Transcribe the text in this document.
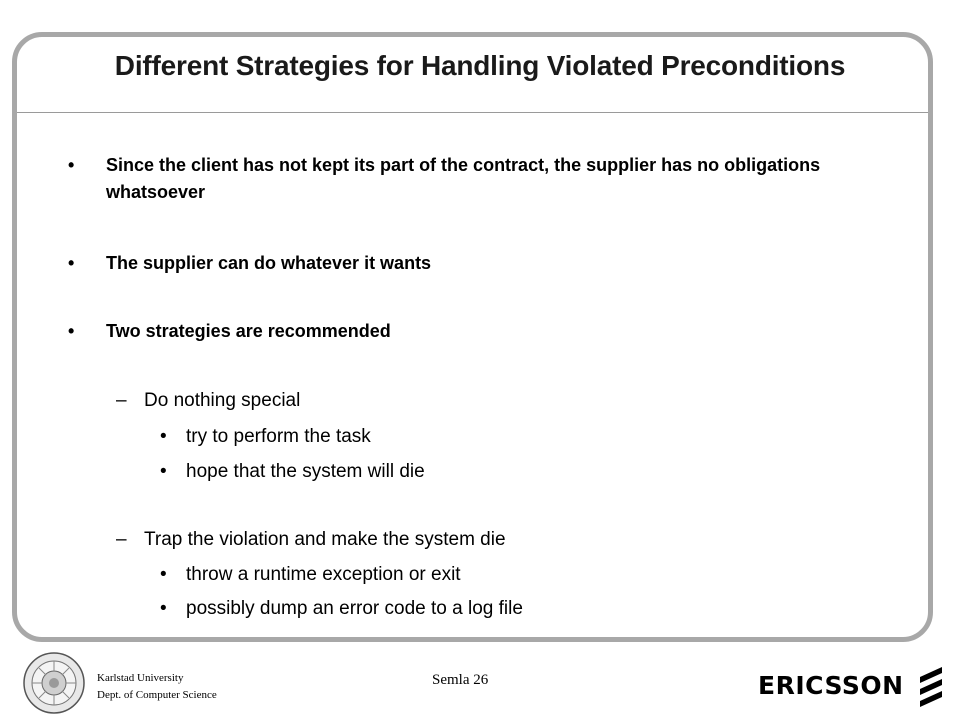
Different Strategies for Handling Violated Preconditions
• Since the client has not kept its part of the contract, the supplier has no obligations whatsoever
• The supplier can do whatever it wants
• Two strategies are recommended
– Do nothing special
• try to perform the task
• hope that the system will die
– Trap the violation and make the system die
• throw a runtime exception or exit
• possibly dump an error code to a log file
Karlstad University
Dept. of Computer Science
Semla 26	ERICSSON
